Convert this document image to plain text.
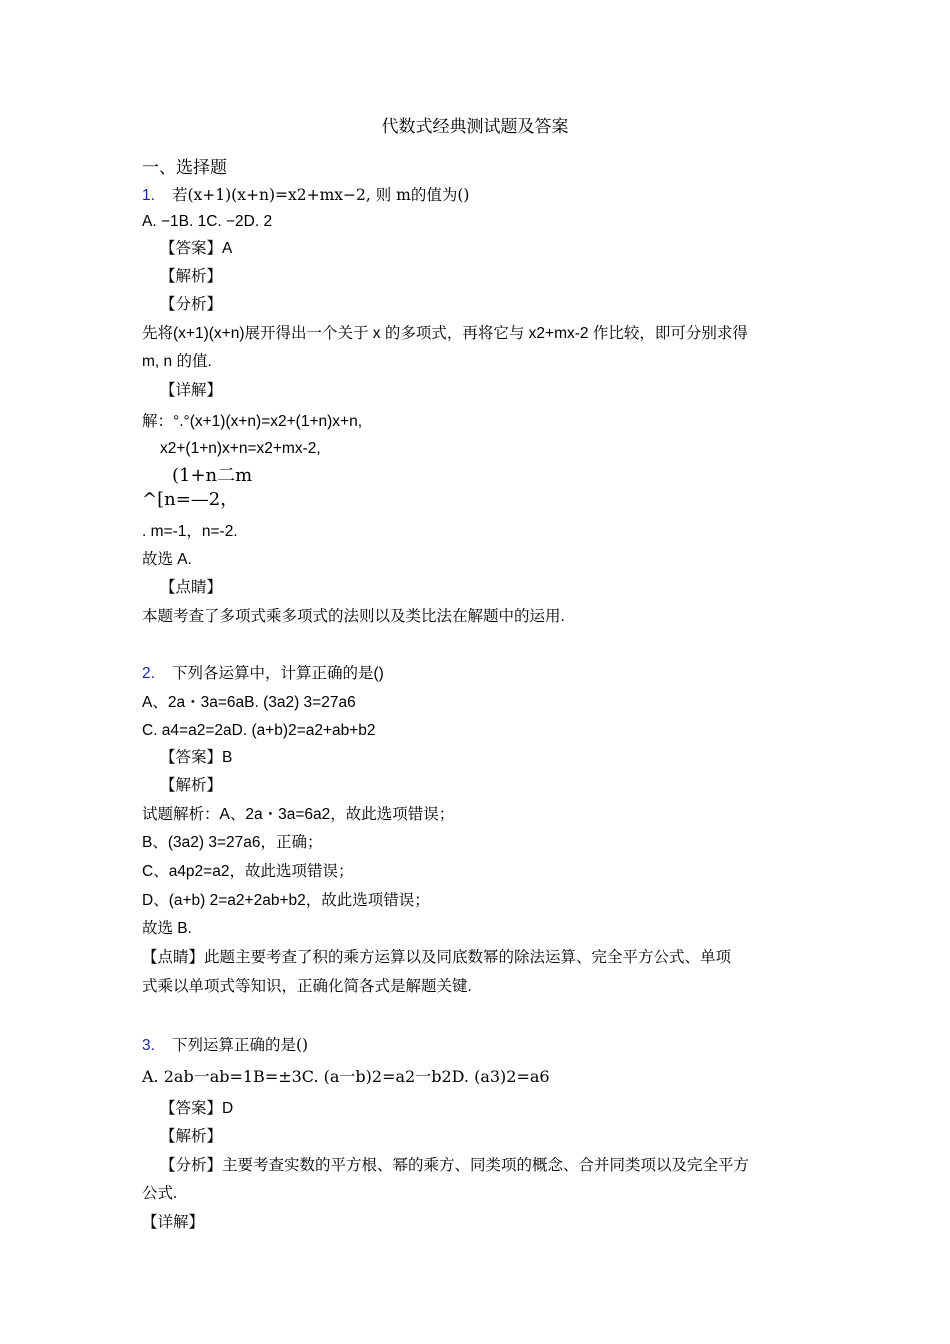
代数式经典测试题及答案
一、选择题
1. 若(x+1)(x+n)=x2+mx−2, 则 m的值为()
A. −1B. 1C. −2D. 2
【答案】A
【解析】
【分析】
先将(x+1)(x+n)展开得出一个关于 x 的多项式，再将它与 x2+mx-2 作比较，即可分别求得
m, n 的值.
【详解】
解：°.°(x+1)(x+n)=x2+(1+n)x+n,
x2+(1+n)x+n=x2+mx-2,
(1+n二m
^[n=—2，
. m=-1，n=-2.
故选 A.
【点睛】
本题考查了多项式乘多项式的法则以及类比法在解题中的运用.
2. 下列各运算中，计算正确的是()
A、2a・3a=6aB. (3a2) 3=27a6
C. a4=a2=2aD. (a+b)2=a2+ab+b2
【答案】B
【解析】
试题解析：A、2a・3a=6a2，故此选项错误；
B、(3a2) 3=27a6，正确；
C、a4p2=a2，故此选项错误；
D、(a+b) 2=a2+2ab+b2，故此选项错误；
故选 B.
【点睛】此题主要考查了积的乘方运算以及同底数幂的除法运算、完全平方公式、单项
式乘以单项式等知识，正确化简各式是解题关键.
3. 下列运算正确的是()
A. 2ab一ab=1B=±3C. (a一b)2=a2一b2D. (a3)2=a6
【答案】D
【解析】
【分析】主要考查实数的平方根、幂的乘方、同类项的概念、合并同类项以及完全平方
公式.
【详解】
